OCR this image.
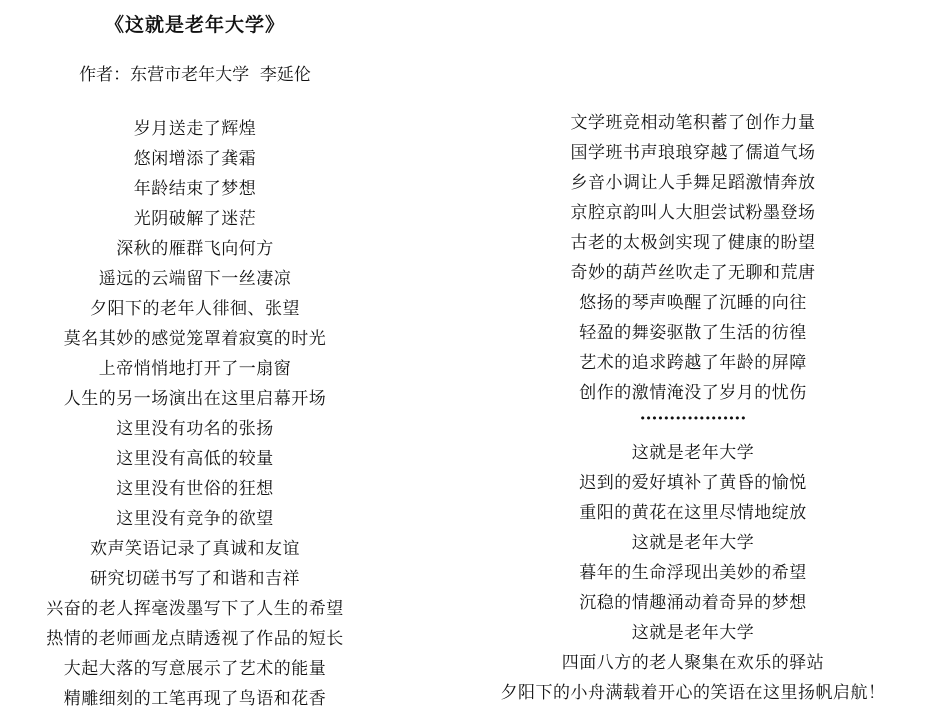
《这就是老年大学》

作者：东营市老年大学  李延伦

岁月送走了辉煌
悠闲增添了龚霜
年龄结束了梦想
光阴破解了迷茫
深秋的雁群飞向何方
遥远的云端留下一丝凄凉
夕阳下的老年人徘徊、张望
莫名其妙的感觉笼罩着寂寞的时光
上帝悄悄地打开了一扇窗
人生的另一场演出在这里启幕开场
这里没有功名的张扬
这里没有高低的较量
这里没有世俗的狂想
这里没有竞争的欲望
欢声笑语记录了真诚和友谊
研究切磋书写了和谐和吉祥
兴奋的老人挥毫泼墨写下了人生的希望
热情的老师画龙点睛透视了作品的短长
大起大落的写意展示了艺术的能量
精雕细刻的工笔再现了鸟语和花香
文学班竞相动笔积蓄了创作力量
国学班书声琅琅穿越了儒道气场
乡音小调让人手舞足蹈激情奔放
京腔京韵叫人大胆尝试粉墨登场
古老的太极剑实现了健康的盼望
奇妙的葫芦丝吹走了无聊和荒唐
悠扬的琴声唤醒了沉睡的向往
轻盈的舞姿驱散了生活的彷徨
艺术的追求跨越了年龄的屏障
创作的激情淹没了岁月的忧伤
··················
这就是老年大学
迟到的爱好填补了黄昏的愉悦
重阳的黄花在这里尽情地绽放
这就是老年大学
暮年的生命浮现出美妙的希望
沉稳的情趣涌动着奇异的梦想
这就是老年大学
四面八方的老人聚集在欢乐的驿站
夕阳下的小舟满载着开心的笑语在这里扬帆启航！
